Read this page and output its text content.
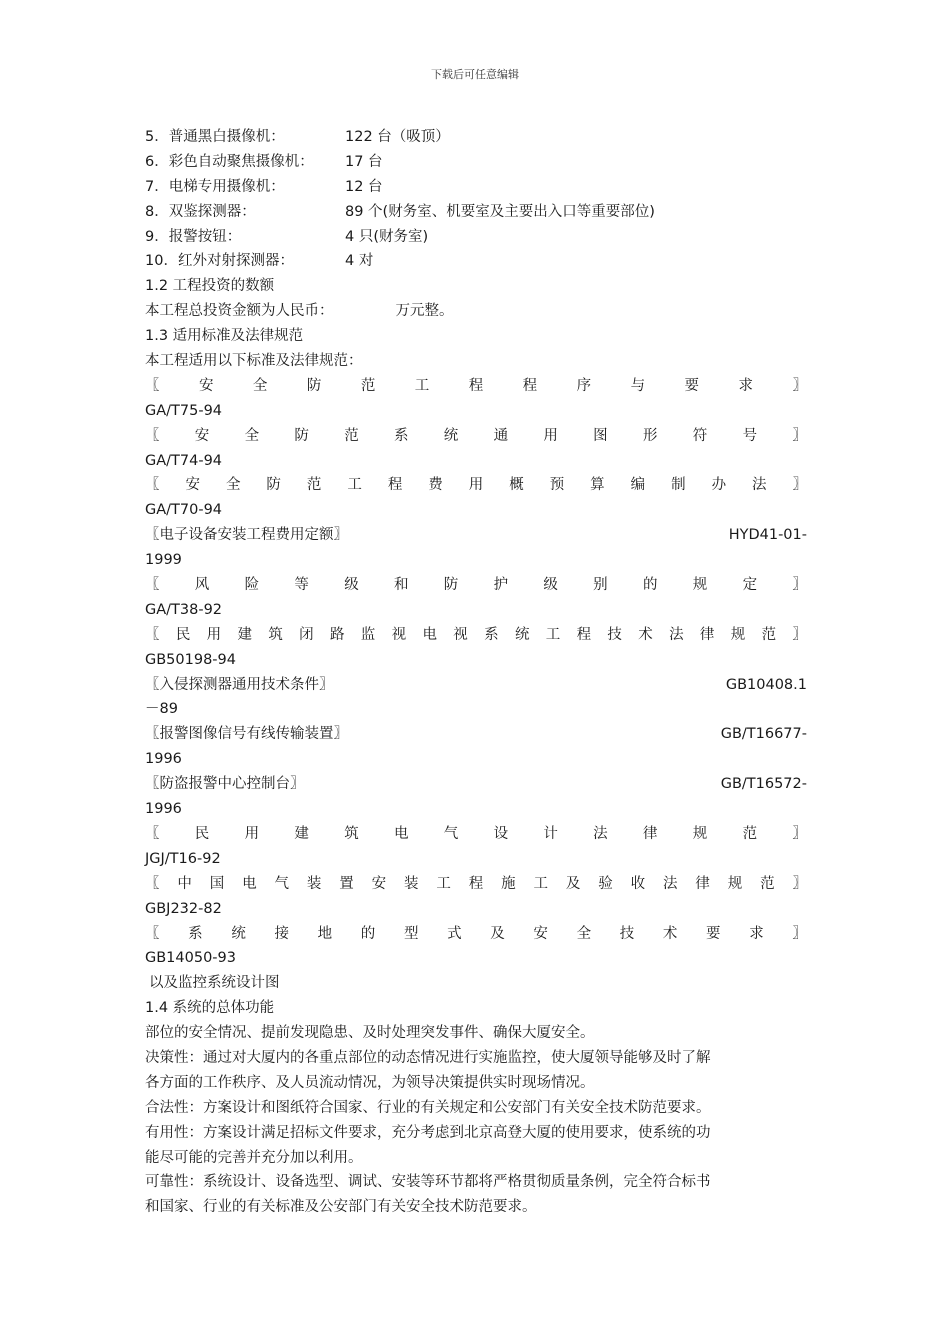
下载后可任意编辑
5．普通黑白摄像机：	122 台（吸顶）
6．彩色自动聚焦摄像机：	17 台
7．电梯专用摄像机：	12 台
8．双鉴探测器：	89 个(财务室、机要室及主要出入口等重要部位)
9．报警按钮：	4 只(财务室)
10．红外对射探测器：	4 对
1.2 工程投资的数额
本工程总投资金额为人民币：	万元整。
1.3 适用标准及法律规范
本工程适用以下标准及法律规范：
〖	安	全	防	范	工	程	程	序	与	要	求	〗
GA/T75-94
〖 安 全 防 范 系 统 通 用 图 形 符 号 〗
GA/T74-94
〖 安 全 防 范 工 程 费 用 概 预 算 编 制 办 法 〗
GA/T70-94
〖电子设备安装工程费用定额〗	HYD41-01-
1999
〖 风 险 等 级 和 防 护 级 别 的 规 定 〗
GA/T38-92
〖 民 用 建 筑 闭 路 监 视 电 视 系 统 工 程 技 术 法 律 规 范 〗
GB50198-94
〖入侵探测器通用技术条件〗	GB10408.1
－89
〖报警图像信号有线传输装置〗	GB/T16677-
1996
〖防盗报警中心控制台〗	GB/T16572-
1996
〖 民 用 建 筑 电 气 设 计 法 律 规 范 〗
JGJ/T16-92
〖 中 国 电 气 装 置 安 装 工 程 施 工 及 验 收 法 律 规 范 〗
GBJ232-82
〖 系 统 接 地 的 型 式 及 安 全 技 术 要 求 〗
GB14050-93
以及监控系统设计图
1.4 系统的总体功能
部位的安全情况、提前发现隐患、及时处理突发事件、确保大厦安全。
决策性：通过对大厦内的各重点部位的动态情况进行实施监控，使大厦领导能够及时了解
各方面的工作秩序、及人员流动情况，为领导决策提供实时现场情况。
合法性：方案设计和图纸符合国家、行业的有关规定和公安部门有关安全技术防范要求。
有用性：方案设计满足招标文件要求，充分考虑到北京高登大厦的使用要求，使系统的功
能尽可能的完善并充分加以利用。
可靠性：系统设计、设备选型、调试、安装等环节都将严格贯彻质量条例，完全符合标书
和国家、行业的有关标准及公安部门有关安全技术防范要求。
